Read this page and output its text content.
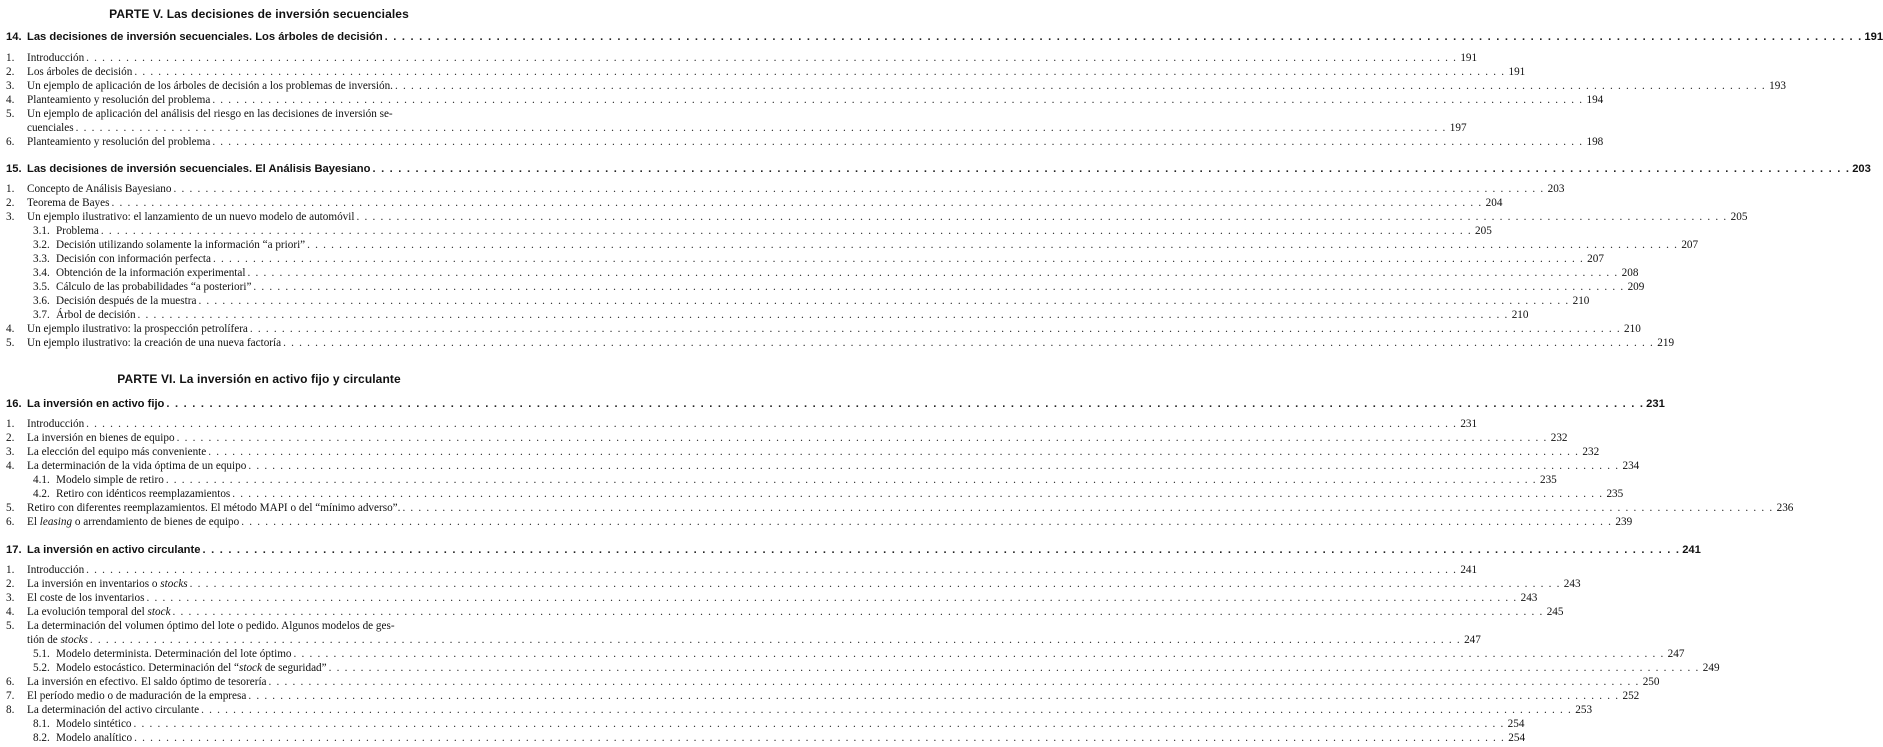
PARTE V. Las decisiones de inversión secuenciales
14. Las decisiones de inversión secuenciales. Los árboles de decisión . . .	191
1.	Introducción . . .	191
2.	Los árboles de decisión . . .	191
3.	Un ejemplo de aplicación de los árboles de decisión a los problemas de inversión. . . .	193
4.	Planteamiento y resolución del problema . . .	194
5.	Un ejemplo de aplicación del análisis del riesgo en las decisiones de inversión se-
cuenciales . . .	197
6.	Planteamiento y resolución del problema . . .	198
15. Las decisiones de inversión secuenciales. El Análisis Bayesiano . . .	203
1.	Concepto de Análisis Bayesiano . . .	203
2.	Teorema de Bayes . . .	204
3.	Un ejemplo ilustrativo: el lanzamiento de un nuevo modelo de automóvil . . .	205
3.1. Problema . . .	205
3.2. Decisión utilizando solamente la información “a priori” . . .	207
3.3. Decisión con información perfecta . . .	207
3.4. Obtención de la información experimental . . .	208
3.5. Cálculo de las probabilidades “a posteriori” . . .	209
3.6. Decisión después de la muestra . . .	210
3.7. Árbol de decisión . . .	210
4.	Un ejemplo ilustrativo: la prospección petrolífera . . .	210
5.	Un ejemplo ilustrativo: la creación de una nueva factoría . . .	219
PARTE VI. La inversión en activo fijo y circulante
16. La inversión en activo fijo . . .	231
1.	Introducción . . .	231
2.	La inversión en bienes de equipo . . .	232
3.	La elección del equipo más conveniente . . .	232
4.	La determinación de la vida óptima de un equipo . . .	234
4.1. Modelo simple de retiro . . .	235
4.2. Retiro con idénticos reemplazamientos . . .	235
5.	Retiro con diferentes reemplazamientos. El método MAPI o del “mínimo adverso”. . . .	236
6.	El leasing o arrendamiento de bienes de equipo . . .	239
17. La inversión en activo circulante . . .	241
1.	Introducción . . .	241
2.	La inversión en inventarios o stocks . . .	243
3.	El coste de los inventarios . . .	243
4.	La evolución temporal del stock . . .	245
5.	La determinación del volumen óptimo del lote o pedido. Algunos modelos de ges-
tión de stocks . . .	247
5.1. Modelo determinista. Determinación del lote óptimo . . .	247
5.2. Modelo estocástico. Determinación del “stock de seguridad” . . .	249
6.	La inversión en efectivo. El saldo óptimo de tesorería . . .	250
7.	El período medio o de maduración de la empresa . . .	252
8.	La determinación del activo circulante . . .	253
8.1. Modelo sintético . . .	254
8.2. Modelo analítico . . .	254
